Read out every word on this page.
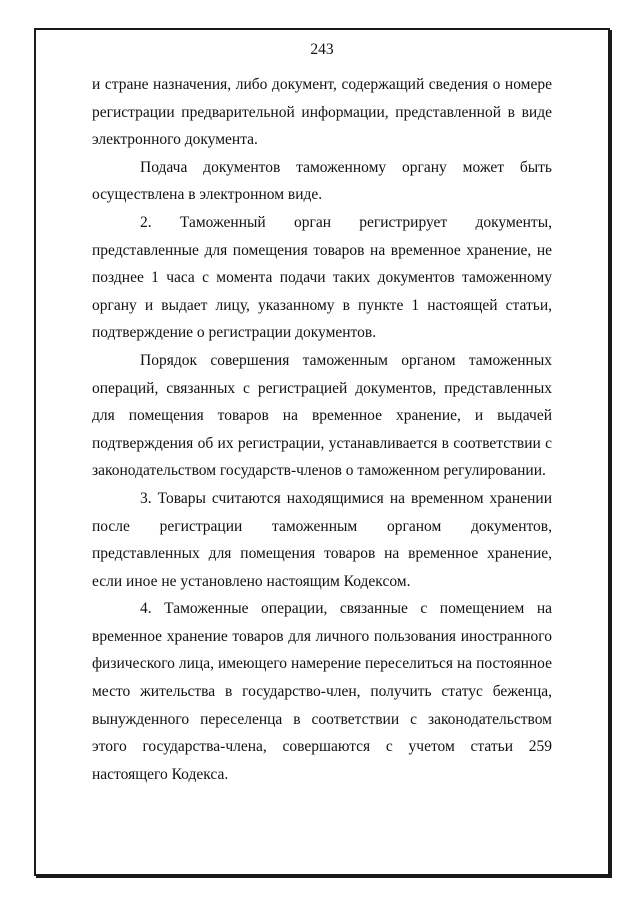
243

и стране назначения, либо документ, содержащий сведения о номере регистрации предварительной информации, представленной в виде электронного документа.

Подача документов таможенному органу может быть осуществлена в электронном виде.

2. Таможенный орган регистрирует документы, представленные для помещения товаров на временное хранение, не позднее 1 часа с момента подачи таких документов таможенному органу и выдает лицу, указанному в пункте 1 настоящей статьи, подтверждение о регистрации документов.

Порядок совершения таможенным органом таможенных операций, связанных с регистрацией документов, представленных для помещения товаров на временное хранение, и выдачей подтверждения об их регистрации, устанавливается в соответствии с законодательством государств-членов о таможенном регулировании.

3. Товары считаются находящимися на временном хранении после регистрации таможенным органом документов, представленных для помещения товаров на временное хранение, если иное не установлено настоящим Кодексом.

4. Таможенные операции, связанные с помещением на временное хранение товаров для личного пользования иностранного физического лица, имеющего намерение переселиться на постоянное место жительства в государство-член, получить статус беженца, вынужденного переселенца в соответствии с законодательством этого государства-члена, совершаются с учетом статьи 259 настоящего Кодекса.
